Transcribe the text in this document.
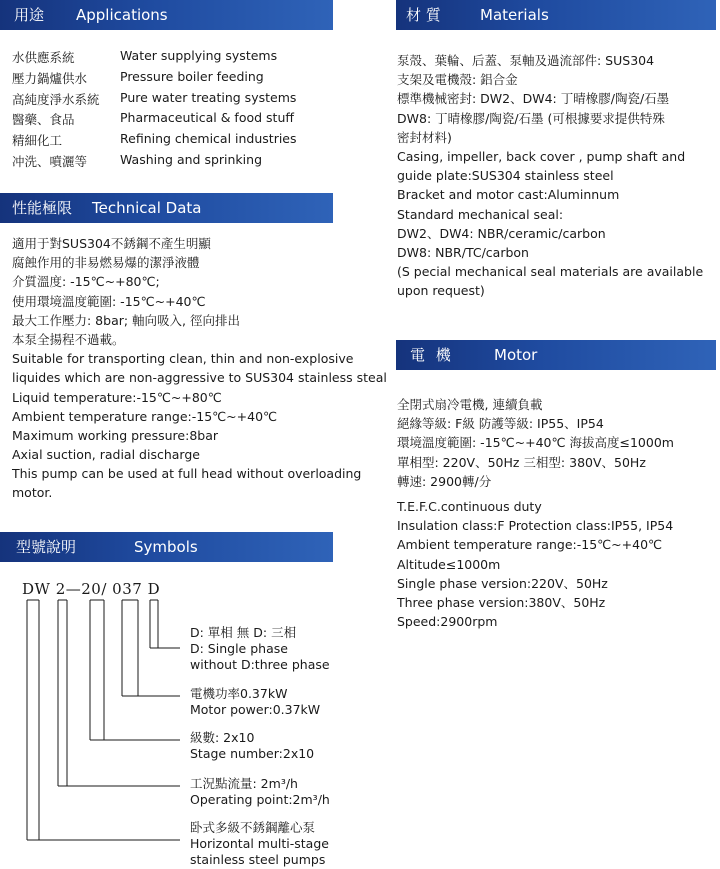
用途 Applications
水供應系統	Water supplying systems
壓力鍋爐供水	Pressure boiler feeding
高純度淨水系統 Pure water treating systems
醫藥、食品	Pharmaceutical & food stuff
精細化工	Refining chemical industries
冲洗、噴灑等	Washing and sprinking
性能極限 Technical Data
適用于對SUS304不銹鋼不產生明顯
腐蝕作用的非易燃易爆的潔淨液體
介質溫度: -15℃~+80℃;
使用環境溫度範圍: -15℃~+40℃
最大工作壓力: 8bar; 軸向吸入, 徑向排出
本泵全揚程不過載。
Suitable for transporting clean, thin and non-explosive
liquides which are non-aggressive to SUS304 stainless steal
Liquid temperature:-15℃~+80℃
Ambient temperature range:-15℃~+40℃
Maximum working pressure:8bar
Axial suction, radial discharge
This pump can be used at full head without overloading
motor.
型號說明	Symbols
DW 2—20/ 037 D
D: 單相 無 D: 三相
D: Single phase
without D:three phase
電機功率0.37kW
Motor power:0.37kW
級數: 2x10
Stage number:2x10
工況點流量: 2m³/h
Operating point:2m³/h
卧式多級不銹鋼離心泵
Horizontal multi-stage
stainless steel pumps
材 質	Materials
泵殼、葉輪、后蓋、泵軸及過流部件: SUS304
支架及電機殼: 鋁合金
標準機械密封: DW2、DW4: 丁晴橡膠/陶瓷/石墨
DW8: 丁晴橡膠/陶瓷/石墨 (可根據要求提供特殊
密封材料)
Casing, impeller, back cover , pump shaft and
guide plate:SUS304 stainless steel
Bracket and motor cast:Aluminnum
Standard mechanical seal:
DW2、DW4: NBR/ceramic/carbon
DW8: NBR/TC/carbon
(S pecial mechanical seal materials are available
upon request)
電 機	Motor
全閉式扇冷電機, 連續負載
絕緣等級: F級 防護等級: IP55、IP54
環境溫度範圍: -15℃~+40℃ 海拔高度≤1000m
單相型: 220V、50Hz 三相型: 380V、50Hz
轉速: 2900轉/分
T.E.F.C.continuous duty
Insulation class:F Protection class:IP55, IP54
Ambient temperature range:-15℃~+40℃
Altitude≤1000m
Single phase version:220V、50Hz
Three phase version:380V、50Hz
Speed:2900rpm
